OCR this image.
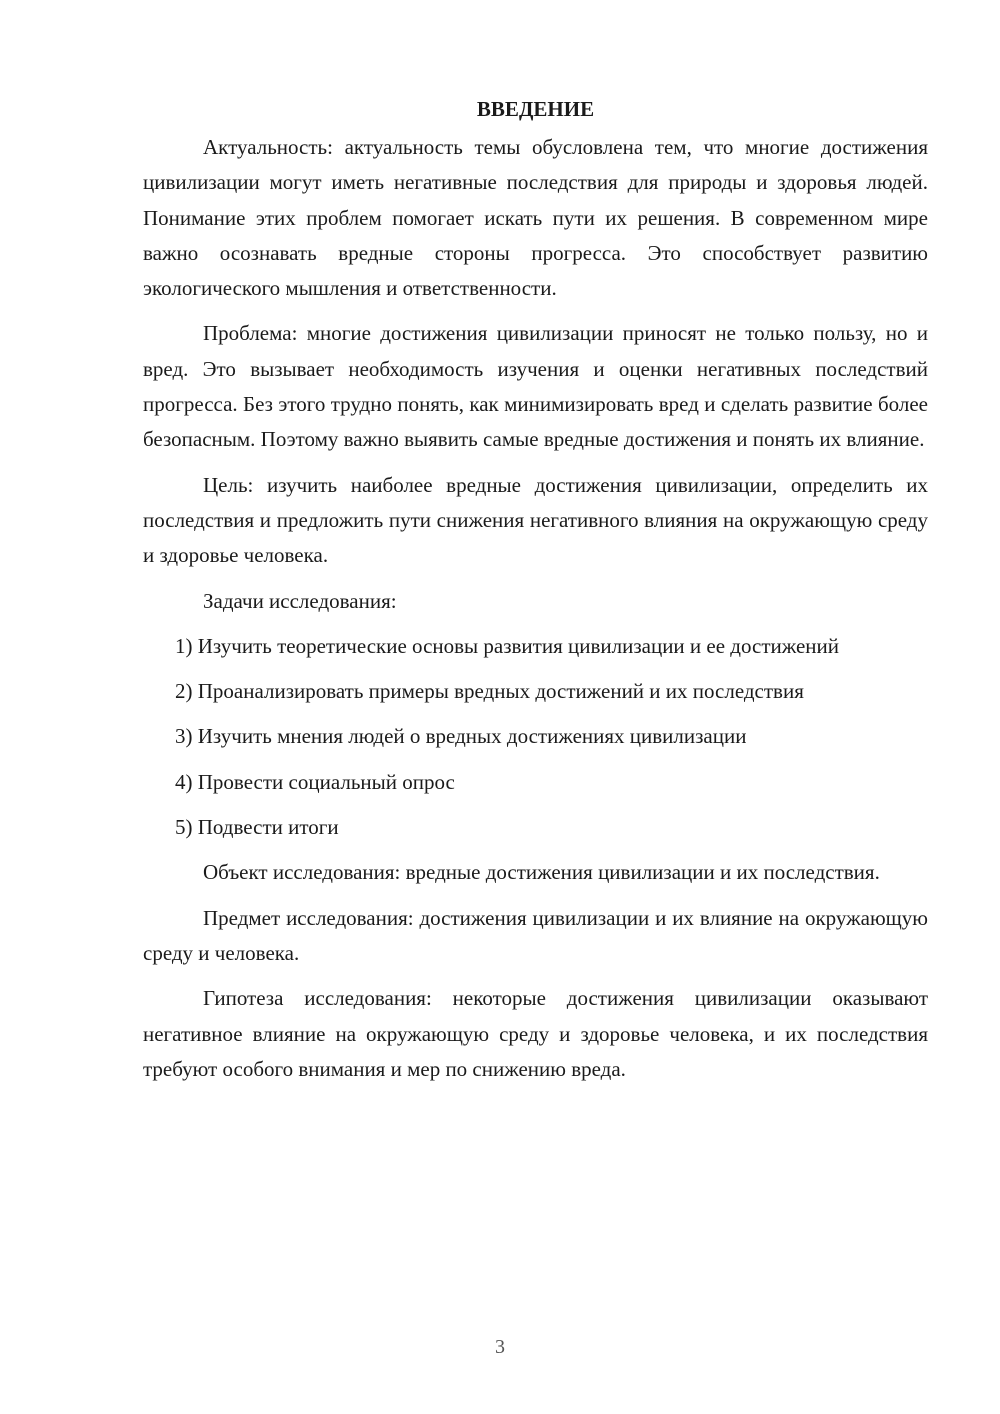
ВВЕДЕНИЕ

Актуальность: актуальность темы обусловлена тем, что многие достижения цивилизации могут иметь негативные последствия для природы и здоровья людей. Понимание этих проблем помогает искать пути их решения. В современном мире важно осознавать вредные стороны прогресса. Это способствует развитию экологического мышления и ответственности.

Проблема: многие достижения цивилизации приносят не только пользу, но и вред. Это вызывает необходимость изучения и оценки негативных последствий прогресса. Без этого трудно понять, как минимизировать вред и сделать развитие более безопасным. Поэтому важно выявить самые вредные достижения и понять их влияние.

Цель: изучить наиболее вредные достижения цивилизации, определить их последствия и предложить пути снижения негативного влияния на окружающую среду и здоровье человека.

Задачи исследования:

1) Изучить теоретические основы развития цивилизации и ее достижений

2) Проанализировать примеры вредных достижений и их последствия

3) Изучить мнения людей о вредных достижениях цивилизации

4) Провести социальный опрос

5) Подвести итоги

Объект исследования: вредные достижения цивилизации и их последствия.

Предмет исследования: достижения цивилизации и их влияние на окружающую среду и человека.

Гипотеза исследования: некоторые достижения цивилизации оказывают негативное влияние на окружающую среду и здоровье человека, и их последствия требуют особого внимания и мер по снижению вреда.

3
